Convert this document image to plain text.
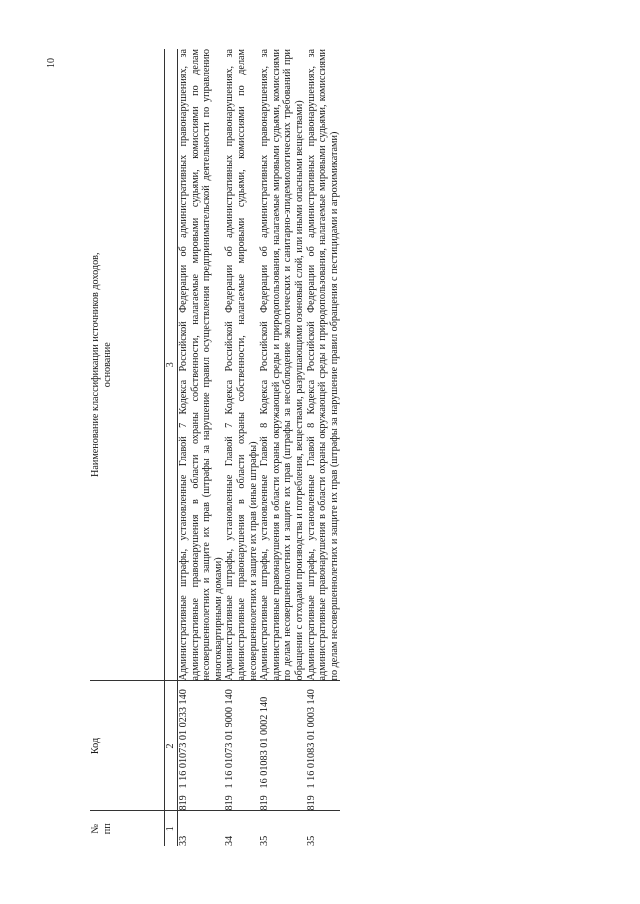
10
№
пп	Код	Наименование классификации источников доходов,
основание

1	2	3
33	8191 16 01073 01 0233 140	Административные штрафы, установленные Главой 7 Кодекса Российской Федерации об административных правонарушениях, за административные правонарушения в области охраны собственности, налагаемые мировыми судьями, комиссиями по делам несовершеннолетних и защите их прав (штрафы за нарушение правил осуществления предпринимательской деятельности по управлению многоквартирными домами)
34	8191 16 01073 01 9000 140	Административные штрафы, установленные Главой 7 Кодекса Российской Федерации об административных правонарушениях, за административные правонарушения в области охраны собственности, налагаемые мировыми судьями, комиссиями по делам несовершеннолетних и защите их прав (иные штрафы)
35	81916 01083 01 0002 140	Административные штрафы, установленные Главой 8 Кодекса Российской Федерации об административных правонарушениях, за административные правонарушения в области охраны окружающей среды и природопользования, налагаемые мировыми судьями, комиссиями по делам несовершеннолетних и защите их прав (штрафы за несоблюдение экологических и санитарно-эпидемиологических требований при обращении с отходами производства и потребления, веществами, разрушающими озоновый слой, или иными опасными веществами)
35	8191 16 01083 01 0003 140	Административные штрафы, установленные Главой 8 Кодекса Российской Федерации об административных правонарушениях, за административные правонарушения в области охраны окружающей среды и природопользования, налагаемые мировыми судьями, комиссиями по делам несовершеннолетних и защите их прав (штрафы за нарушение правил обращения с пестицидами и агрохимикатами)
